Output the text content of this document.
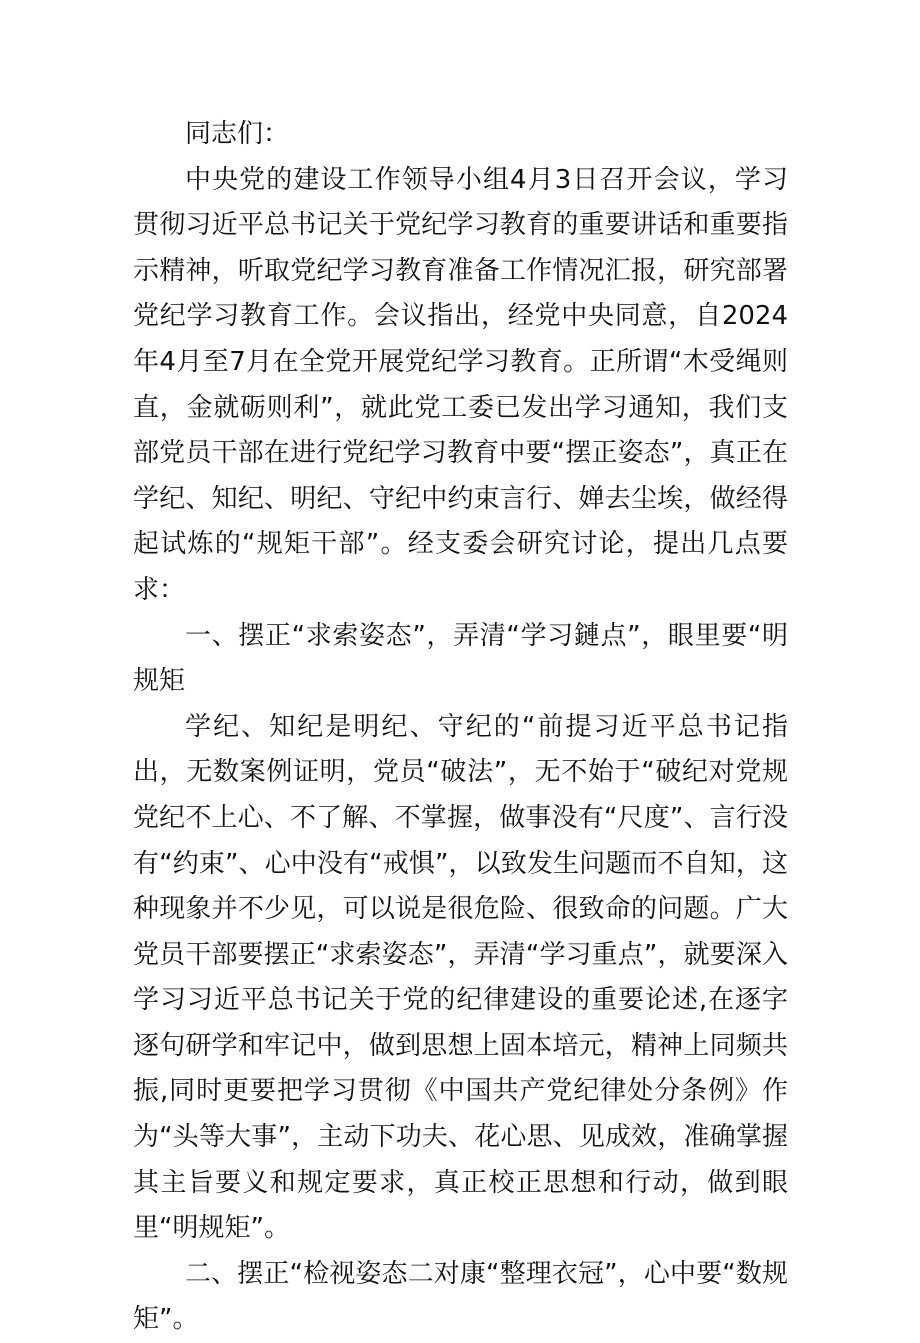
同志们：

中央党的建设工作领导小组4月3日召开会议，学习贯彻习近平总书记关于党纪学习教育的重要讲话和重要指示精神，听取党纪学习教育准备工作情况汇报，研究部署党纪学习教育工作。会议指出，经党中央同意，自2024年4月至7月在全党开展党纪学习教育。正所谓“木受绳则直，金就砺则利”，就此党工委已发出学习通知，我们支部党员干部在进行党纪学习教育中要“摆正姿态”，真正在学纪、知纪、明纪、守纪中约束言行、婵去尘埃，做经得起试炼的“规矩干部”。经支委会研究讨论，提出几点要求：

一、摆正“求索姿态”，弄清“学习鏈点”，眼里要“明规矩

学纪、知纪是明纪、守纪的“前提习近平总书记指出，无数案例证明，党员“破法”，无不始于“破纪对党规党纪不上心、不了解、不掌握，做事没有“尺度”、言行没有“约束”、心中没有“戒惧”，以致发生问题而不自知，这种现象并不少见，可以说是很危险、很致命的问题。广大党员干部要摆正“求索姿态”，弄清“学习重点”，就要深入学习习近平总书记关于党的纪律建设的重要论述,在逐字逐句研学和牢记中，做到思想上固本培元，精神上同频共振,同时更要把学习贯彻《中国共产党纪律处分条例》作为“头等大事”，主动下功夫、花心思、见成效，准确掌握其主旨要义和规定要求，真正校正思想和行动，做到眼里“明规矩”。

二、摆正“检视姿态二对康“整理衣冠”，心中要“数规矩”。
